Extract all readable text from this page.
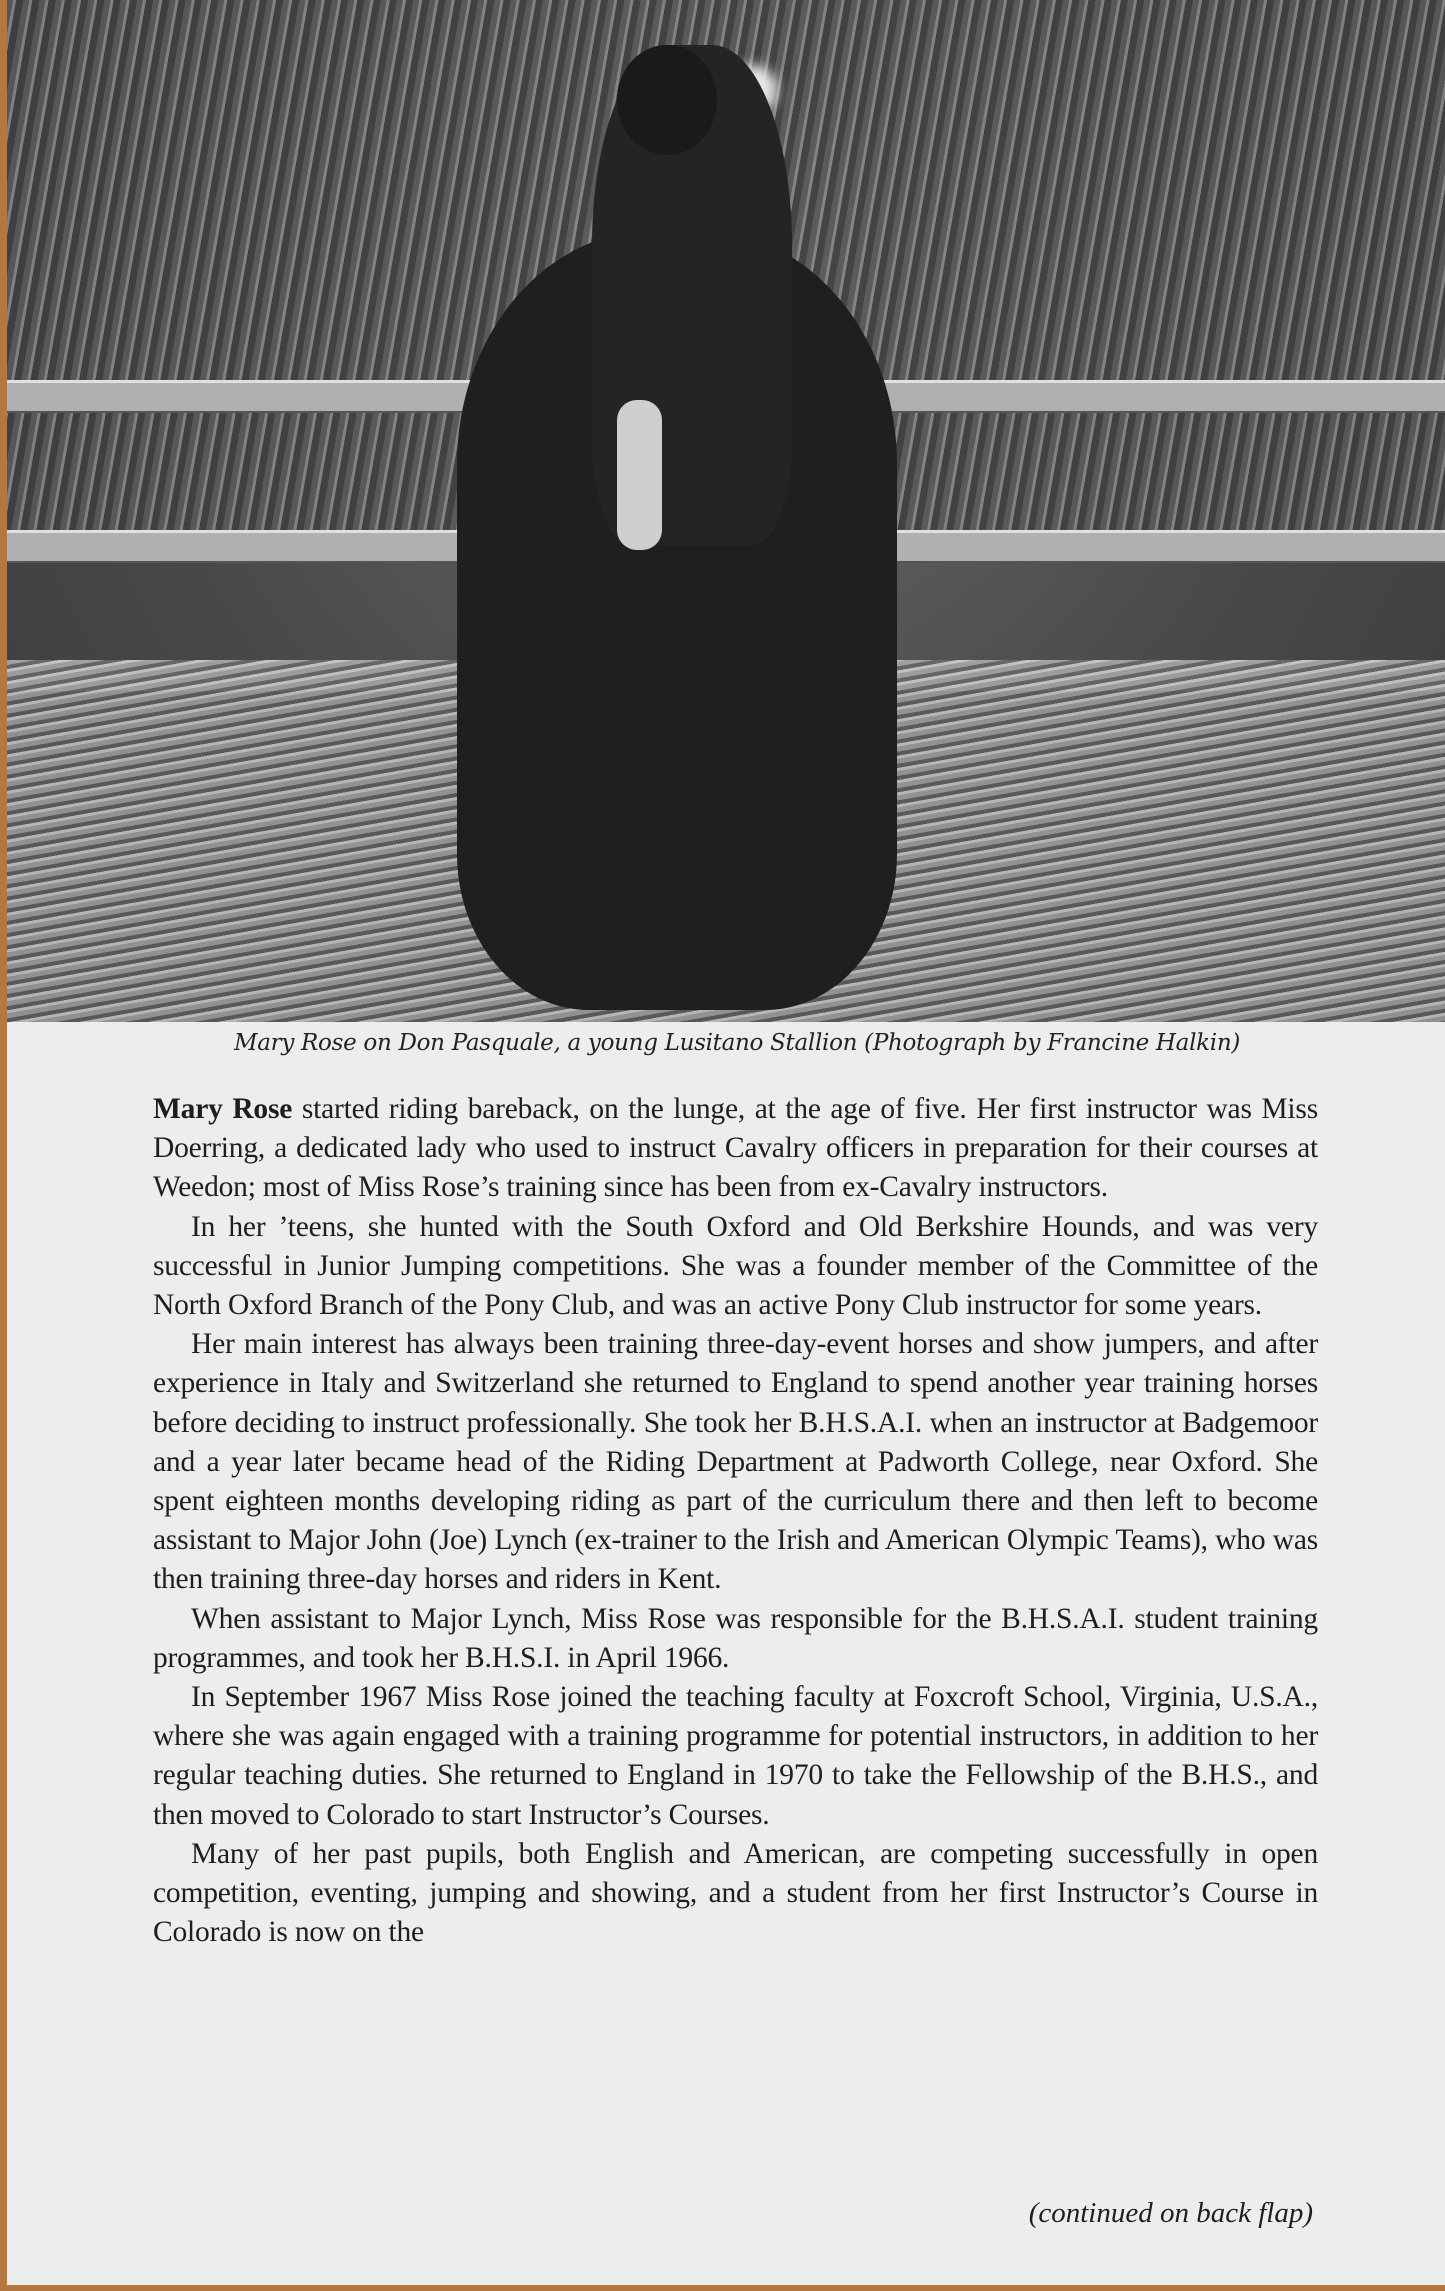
Mary Rose on Don Pasquale, a young Lusitano Stallion (Photograph by Francine Halkin)

Mary Rose started riding bareback, on the lunge, at the age of five. Her first instructor was Miss Doerring, a dedicated lady who used to instruct Cavalry officers in preparation for their courses at Weedon; most of Miss Rose’s training since has been from ex-Cavalry instructors.

In her ’teens, she hunted with the South Oxford and Old Berkshire Hounds, and was very successful in Junior Jumping competitions. She was a founder member of the Committee of the North Oxford Branch of the Pony Club, and was an active Pony Club instructor for some years.

Her main interest has always been training three-day-event horses and show jumpers, and after experience in Italy and Switzerland she returned to England to spend another year training horses before deciding to instruct professionally. She took her B.H.S.A.I. when an instructor at Badgemoor and a year later became head of the Riding Department at Padworth College, near Oxford. She spent eighteen months developing riding as part of the curriculum there and then left to become assistant to Major John (Joe) Lynch (ex-trainer to the Irish and American Olympic Teams), who was then training three-day horses and riders in Kent.

When assistant to Major Lynch, Miss Rose was responsible for the B.H.S.A.I. student training programmes, and took her B.H.S.I. in April 1966.

In September 1967 Miss Rose joined the teaching faculty at Foxcroft School, Virginia, U.S.A., where she was again engaged with a training programme for potential instructors, in addition to her regular teaching duties. She returned to England in 1970 to take the Fellowship of the B.H.S., and then moved to Colorado to start Instructor’s Courses.

Many of her past pupils, both English and American, are competing successfully in open competition, eventing, jumping and showing, and a student from her first Instructor’s Course in Colorado is now on the

(continued on back flap)
